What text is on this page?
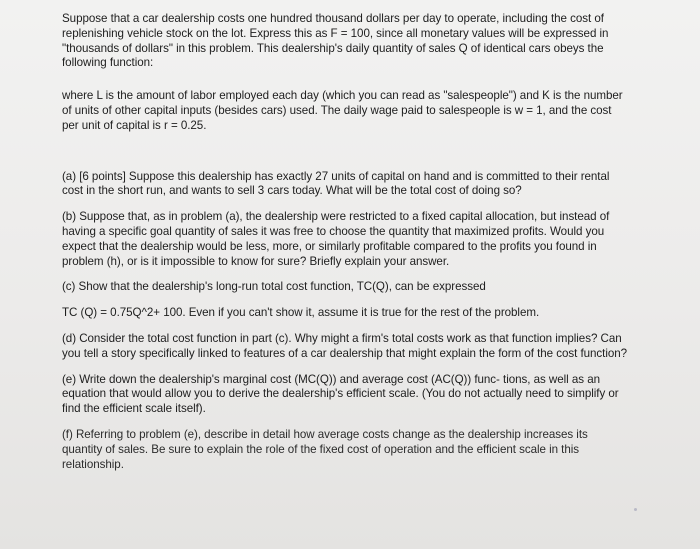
Suppose that a car dealership costs one hundred thousand dollars per day to operate, including the cost of replenishing vehicle stock on the lot. Express this as F = 100, since all monetary values will be expressed in "thousands of dollars" in this problem. This dealership's daily quantity of sales Q of identical cars obeys the following function:

where L is the amount of labor employed each day (which you can read as "salespeople") and K is the number of units of other capital inputs (besides cars) used. The daily wage paid to salespeople is w = 1, and the cost per unit of capital is r = 0.25.

(a) [6 points] Suppose this dealership has exactly 27 units of capital on hand and is committed to their rental cost in the short run, and wants to sell 3 cars today. What will be the total cost of doing so?

(b) Suppose that, as in problem (a), the dealership were restricted to a fixed capital allocation, but instead of having a specific goal quantity of sales it was free to choose the quantity that maximized profits. Would you expect that the dealership would be less, more, or similarly profitable compared to the profits you found in problem (h), or is it impossible to know for sure? Briefly explain your answer.

(c) Show that the dealership's long-run total cost function, TC(Q), can be expressed

TC (Q) = 0.75Q^2+ 100. Even if you can't show it, assume it is true for the rest of the problem.

(d) Consider the total cost function in part (c). Why might a firm's total costs work as that function implies? Can you tell a story specifically linked to features of a car dealership that might explain the form of the cost function?

(e) Write down the dealership's marginal cost (MC(Q)) and average cost (AC(Q)) func- tions, as well as an equation that would allow you to derive the dealership's efficient scale. (You do not actually need to simplify or find the efficient scale itself).

(f) Referring to problem (e), describe in detail how average costs change as the dealership increases its quantity of sales. Be sure to explain the role of the fixed cost of operation and the efficient scale in this relationship.
